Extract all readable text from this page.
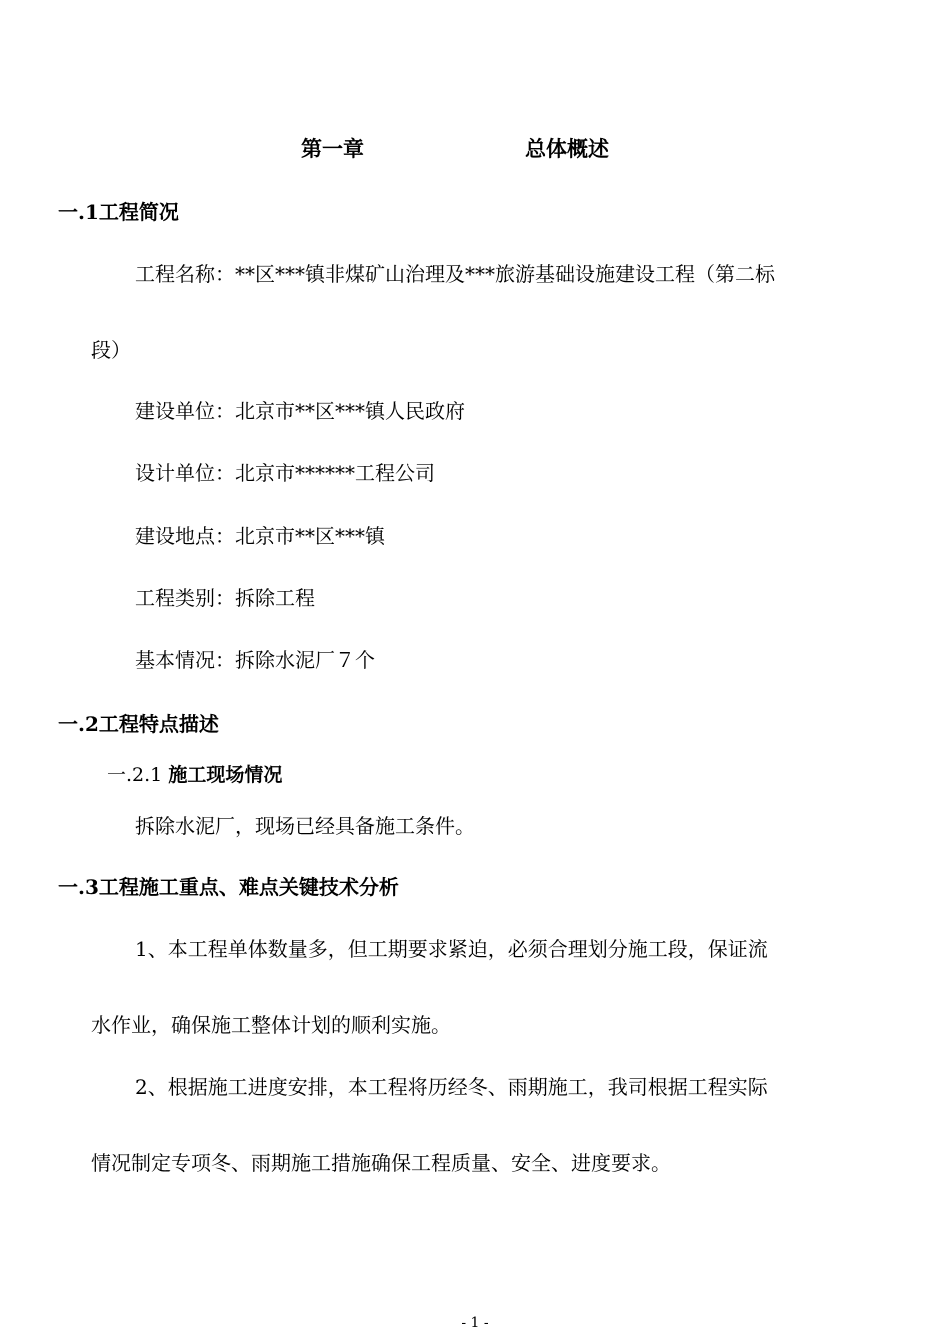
第一章	总体概述
一.1工程简况
工程名称：**区***镇非煤矿山治理及***旅游基础设施建设工程（第二标
段）
建设单位：北京市**区***镇人民政府
设计单位：北京市******工程公司
建设地点：北京市**区***镇
工程类别：拆除工程
基本情况：拆除水泥厂７个
一.2工程特点描述
一.2.1 施工现场情况
拆除水泥厂，现场已经具备施工条件。
一.3工程施工重点、难点关键技术分析
1、本工程单体数量多，但工期要求紧迫，必须合理划分施工段，保证流
水作业，确保施工整体计划的顺利实施。
2、根据施工进度安排，本工程将历经冬、雨期施工，我司根据工程实际
情况制定专项冬、雨期施工措施确保工程质量、安全、进度要求。
- 1 -
